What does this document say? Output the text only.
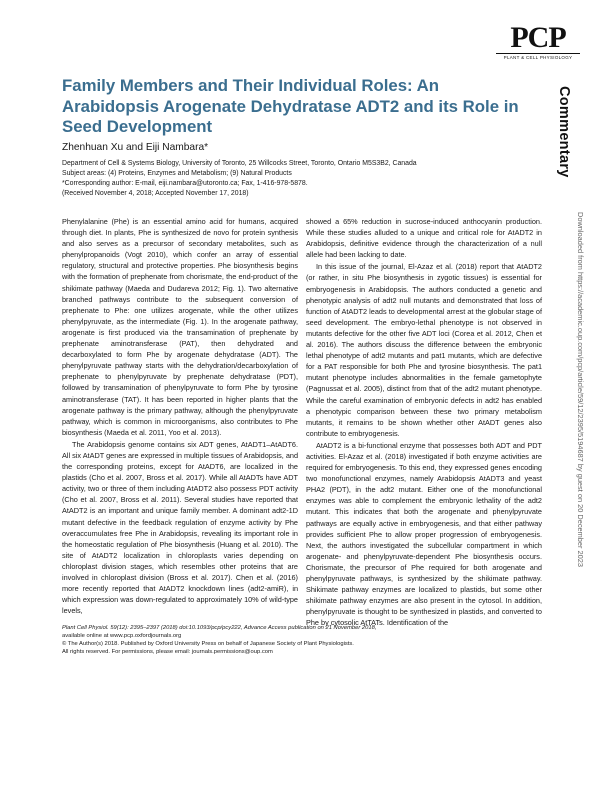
PCP
PLANT & CELL PHYSIOLOGY
Commentary
Downloaded from https://academic.oup.com/pcp/article/59/12/2395/5194687 by guest on 20 December 2023
Family Members and Their Individual Roles: An Arabidopsis Arogenate Dehydratase ADT2 and its Role in Seed Development
Zhenhuan Xu and Eiji Nambara*
Department of Cell & Systems Biology, University of Toronto, 25 Willcocks Street, Toronto, Ontario M5S3B2, Canada
Subject areas: (4) Proteins, Enzymes and Metabolism; (9) Natural Products
*Corresponding author: E-mail, eiji.nambara@utoronto.ca; Fax, 1-416-978-5878.
(Received November 4, 2018; Accepted November 17, 2018)

Phenylalanine (Phe) is an essential amino acid for humans, acquired through diet. In plants, Phe is synthesized de novo for protein synthesis and also serves as a precursor of secondary metabolites, such as phenylpropanoids (Vogt 2010), which confer an array of essential regulatory, structural and protective properties. Phe biosynthesis begins with the formation of prephenate from chorismate, the end-product of the shikimate pathway (Maeda and Dudareva 2012; Fig. 1). Two alternative branched pathways contribute to the subsequent conversion of prephenate to Phe: one utilizes arogenate, while the other utilizes phenylpyruvate, as the intermediate (Fig. 1). In the arogenate pathway, arogenate is first produced via the transamination of prephenate by prephenate aminotransferase (PAT), then dehydrated and decarboxylated to form Phe by arogenate dehydratase (ADT). The phenylpyruvate pathway starts with the dehydration/decarboxylation of prephenate to phenylpyruvate by prephenate dehydratase (PDT), followed by transamination of phenylpyruvate to form Phe by tyrosine aminotransferase (TAT). It has been reported in higher plants that the arogenate pathway is the primary pathway, although the phenylpyruvate pathway, which is common in microorganisms, also contributes to Phe biosynthesis (Maeda et al. 2011, Yoo et al. 2013).

The Arabidopsis genome contains six ADT genes, AtADT1–AtADT6. All six AtADT genes are expressed in multiple tissues of Arabidopsis, and the corresponding proteins, except for AtADT6, are localized in the plastids (Cho et al. 2007, Bross et al. 2017). While all AtADTs have ADT activity, two or three of them including AtADT2 also possess PDT activity (Cho et al. 2007, Bross et al. 2011). Several studies have reported that AtADT2 is an important and unique family member. A dominant adt2-1D mutant defective in the feedback regulation of enzyme activity by Phe overaccumulates free Phe in Arabidopsis, revealing its important role in the homeostatic regulation of Phe biosynthesis (Huang et al. 2010). The site of AtADT2 localization in chloroplasts varies depending on chloroplast division stages, which resembles other proteins that are involved in chloroplast division (Bross et al. 2017). Chen et al. (2016) more recently reported that AtADT2 knockdown lines (adt2-amiR), in which expression was down-regulated to approximately 10% of wild-type levels,

showed a 65% reduction in sucrose-induced anthocyanin production. While these studies alluded to a unique and critical role for AtADT2 in Arabidopsis, definitive evidence through the characterization of a null allele had been lacking to date.

In this issue of the journal, El-Azaz et al. (2018) report that AtADT2 (or rather, in situ Phe biosynthesis in zygotic tissues) is essential for embryogenesis in Arabidopsis. The authors conducted a genetic and phenotypic analysis of adt2 null mutants and demonstrated that loss of function of AtADT2 leads to developmental arrest at the globular stage of seed development. The embryo-lethal phenotype is not observed in mutants defective for the other five ADT loci (Corea et al. 2012, Chen et al. 2016). The authors discuss the difference between the embryonic lethal phenotype of adt2 mutants and pat1 mutants, which are defective for a PAT responsible for both Phe and tyrosine biosynthesis. The pat1 mutant phenotype includes abnormalities in the female gametophyte (Pagnussat et al. 2005), distinct from that of the adt2 mutant phenotype. While the careful examination of embryonic defects in adt2 has enabled a phenotypic comparison between these two primary metabolism mutants, it remains to be shown whether other AtADT genes also contribute to embryogenesis.

AtADT2 is a bi-functional enzyme that possesses both ADT and PDT activities. El-Azaz et al. (2018) investigated if both enzyme activities are required for embryogenesis. To this end, they expressed genes encoding two monofunctional enzymes, namely Arabidopsis AtADT3 and yeast PHA2 (PDT), in the adt2 mutant. Either one of the monofunctional enzymes was able to complement the embryonic lethality of the adt2 mutant. This indicates that both the arogenate and phenylpyruvate pathways are equally active in embryogenesis, and that either pathway provides sufficient Phe to allow proper progression of embryogenesis. Next, the authors investigated the subcellular compartment in which arogenate- and phenylpyruvate-dependent Phe biosynthesis occurs. Chorismate, the precursor of Phe required for both arogenate and phenylpyruvate pathways, is synthesized by the shikimate pathway. Shikimate pathway enzymes are localized to plastids, but some other shikimate pathway enzymes are also present in the cytosol. In addition, phenylpyruvate is thought to be synthesized in plastids, and converted to Phe by cytosolic AtTATs. Identification of the

Plant Cell Physiol. 59(12): 2395–2397 (2018) doi:10.1093/pcp/pcy222, Advance Access publication on 21 November 2018,
available online at www.pcp.oxfordjournals.org
© The Author(s) 2018. Published by Oxford University Press on behalf of Japanese Society of Plant Physiologists.
All rights reserved. For permissions, please email: journals.permissions@oup.com
